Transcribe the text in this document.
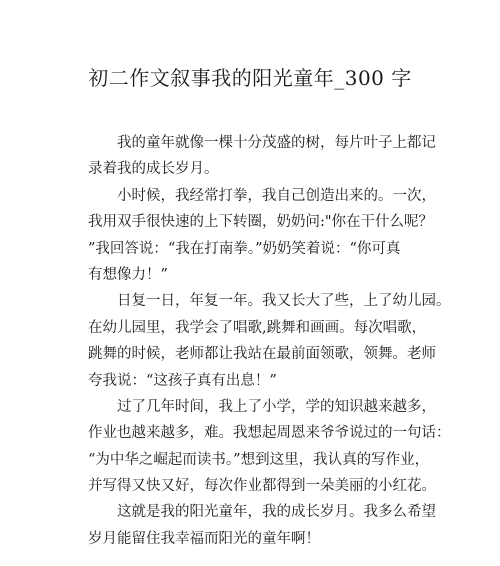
初二作文叙事我的阳光童年_300 字
我的童年就像一棵十分茂盛的树，每片叶子上都记
录着我的成长岁月。
小时候，我经常打拳，我自己创造出来的。一次，
我用双手很快速的上下转圈，奶奶问:"你在干什么呢？
”我回答说：“我在打南拳。”奶奶笑着说：“你可真
有想像力！”
日复一日，年复一年。我又长大了些，上了幼儿园。
在幼儿园里，我学会了唱歌,跳舞和画画。每次唱歌，
跳舞的时候，老师都让我站在最前面领歌，领舞。老师
夸我说：“这孩子真有出息！”
过了几年时间，我上了小学，学的知识越来越多，
作业也越来越多，难。我想起周恩来爷爷说过的一句话：
“为中华之崛起而读书。”想到这里，我认真的写作业，
并写得又快又好，每次作业都得到一朵美丽的小红花。
这就是我的阳光童年，我的成长岁月。我多么希望
岁月能留住我幸福而阳光的童年啊！
